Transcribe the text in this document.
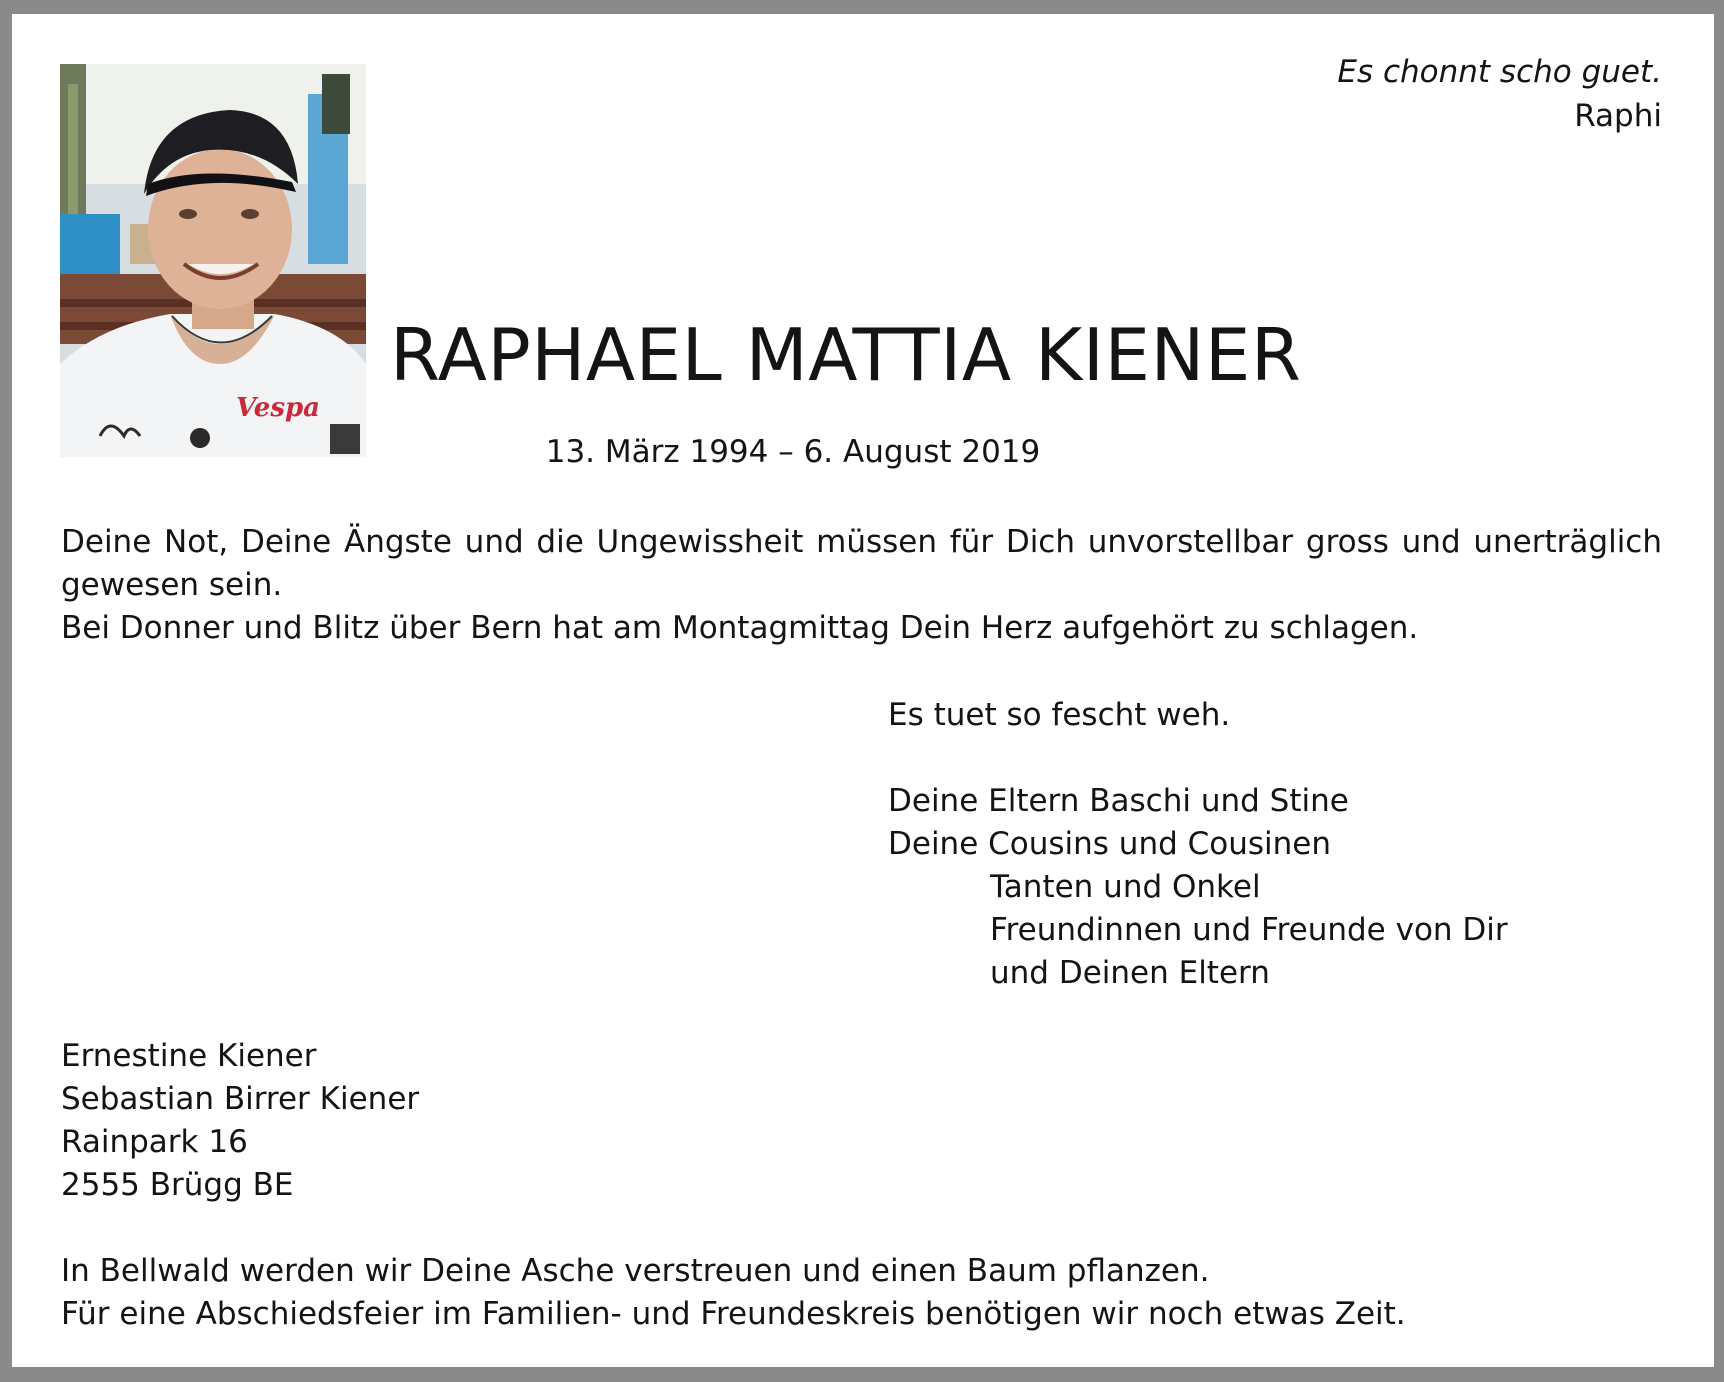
Vespa
Es chonnt scho guet.
Raphi
RAPHAEL MATTIA KIENER
13. März 1994 – 6. August 2019
Deine Not, Deine Ängste und die Ungewissheit müssen für Dich unvorstellbar gross und unerträglich gewesen sein.
Bei Donner und Blitz über Bern hat am Montagmittag Dein Herz aufgehört zu schlagen.
Es tuet so fescht weh.
Deine Eltern Baschi und Stine
Deine Cousins und Cousinen
Tanten und Onkel
Freundinnen und Freunde von Dir
und Deinen Eltern
Ernestine Kiener
Sebastian Birrer Kiener
Rainpark 16
2555 Brügg BE
In Bellwald werden wir Deine Asche verstreuen und einen Baum pflanzen.
Für eine Abschiedsfeier im Familien- und Freundeskreis benötigen wir noch etwas Zeit.
